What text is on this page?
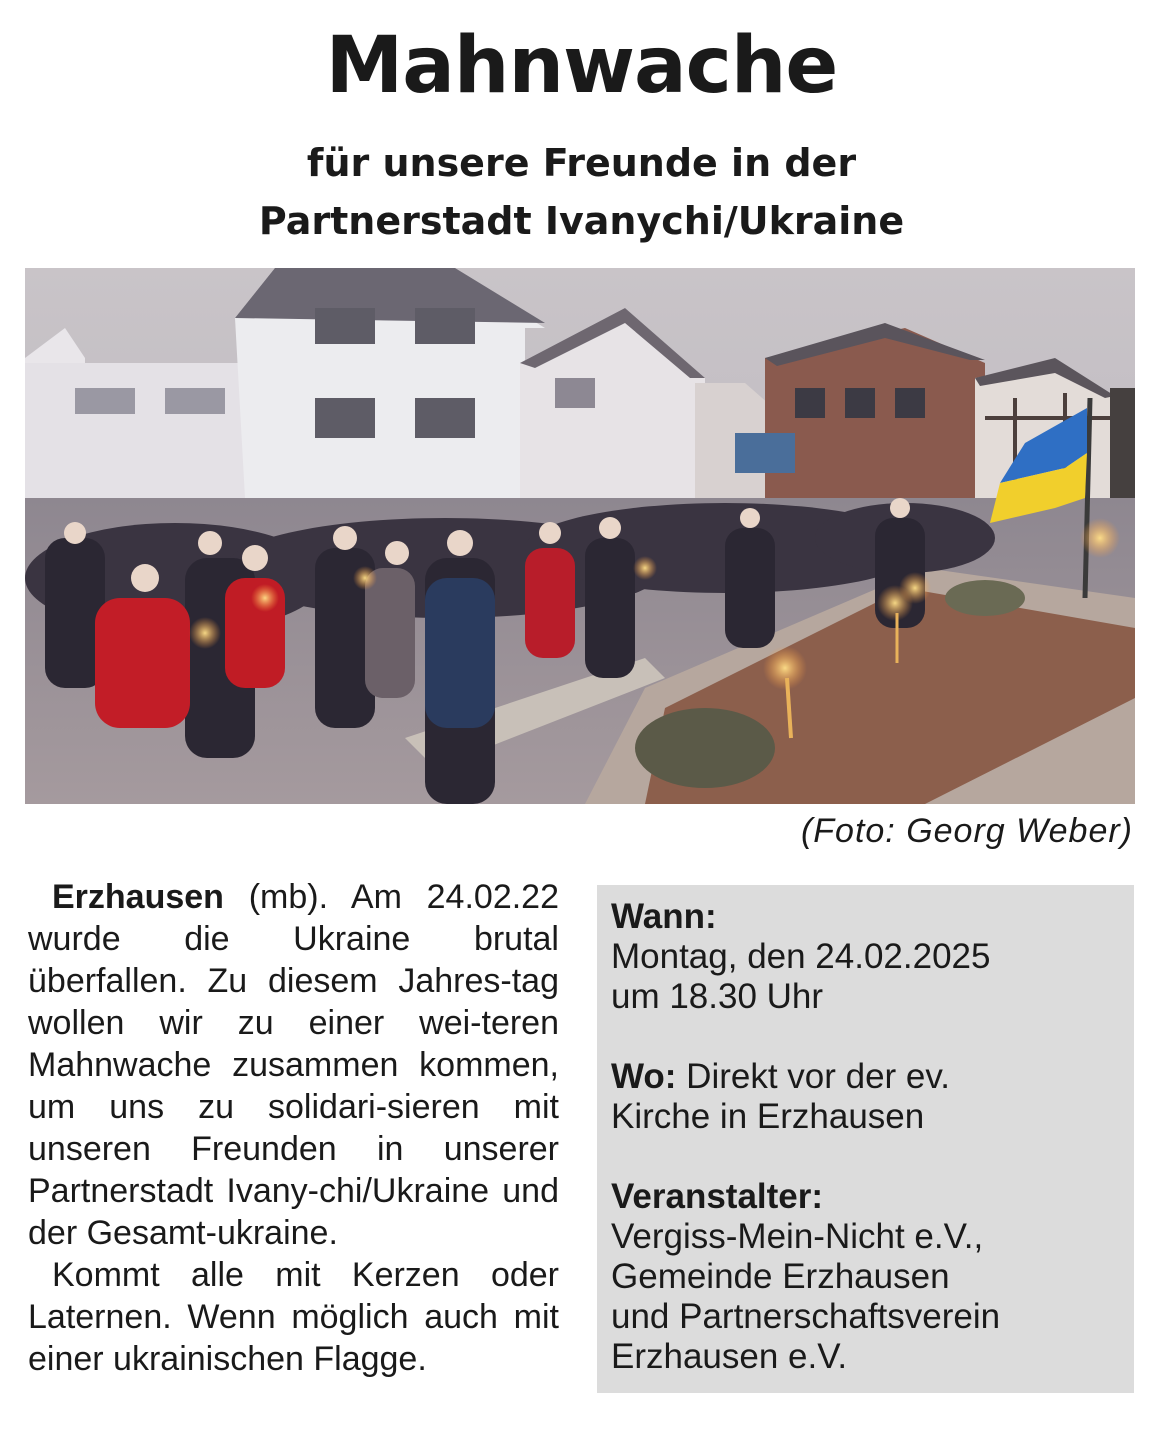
Mahnwache
für unsere Freunde in der
Partnerstadt Ivanychi/Ukraine
(Foto: Georg Weber)

Erzhausen (mb). Am 24.02.22 wurde die Ukraine brutal überfallen. Zu diesem Jahres-tag wollen wir zu einer wei-teren Mahnwache zusammen kommen, um uns zu solidari-sieren mit unseren Freunden in unserer Partnerstadt Ivany-chi/Ukraine und der Gesamt-ukraine.

Kommt alle mit Kerzen oder Laternen. Wenn möglich auch mit einer ukrainischen Flagge.

Wann:
Montag, den 24.02.2025
um 18.30 Uhr
Wo: Direkt vor der ev.
Kirche in Erzhausen
Veranstalter:
Vergiss-Mein-Nicht e.V.,
Gemeinde Erzhausen
und Partnerschaftsverein
Erzhausen e.V.
